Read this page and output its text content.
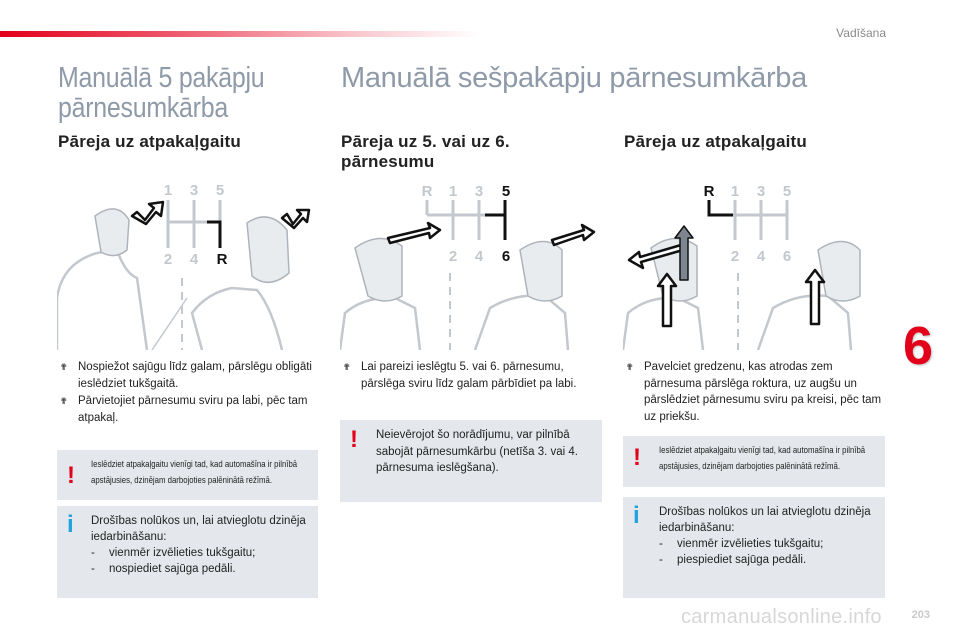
Vadīšana
Manuālā 5 pakāpju pārnesumkārba
Manuālā sešpakāpju pārnesumkārba
Pāreja uz atpakaļgaitu	Pāreja uz 5. vai uz 6. pārnesumu
Pāreja uz atpakaļgaitu
1 3 5
2 4 R
R 1 3 5
2 4 6
R 1 3 5
2 4 6
✟ Nospiežot sajūgu līdz galam, pārslēgu obligāti ieslēdziet tukšgaitā.
✟ Pārvietojiet pārnesumu sviru pa labi, pēc tam atpakaļ.
✟ Lai pareizi ieslēgtu 5. vai 6. pārnesumu, pārslēga sviru līdz galam pārbīdiet pa labi.
✟ Pavelciet gredzenu, kas atrodas zem pārnesuma pārslēga roktura, uz augšu un pārslēdziet pārnesumu sviru pa kreisi, pēc tam uz priekšu.
! Ieslēdziet atpakaļgaitu vienīgi tad, kad automašīna ir pilnībā apstājusies, dzinējam darbojoties palēninātā režīmā.
i Drošības nolūkos un, lai atvieglotu dzinēja iedarbināšanu:
- vienmēr izvēlieties tukšgaitu;
- nospiediet sajūga pedāli.
! Neievērojot šo norādījumu, var pilnībā sabojāt pārnesumkārbu (netīša 3. vai 4. pārnesuma ieslēgšana).	! Ieslēdziet atpakaļgaitu vienīgi tad, kad automašīna ir pilnībā apstājusies, dzinējam darbojoties palēninātā režīmā.
i Drošības nolūkos un lai atvieglotu dzinēja iedarbināšanu:
- vienmēr izvēlieties tukšgaitu;
- piespiediet sajūga pedāli.
6
carmanualsonline.info	203
